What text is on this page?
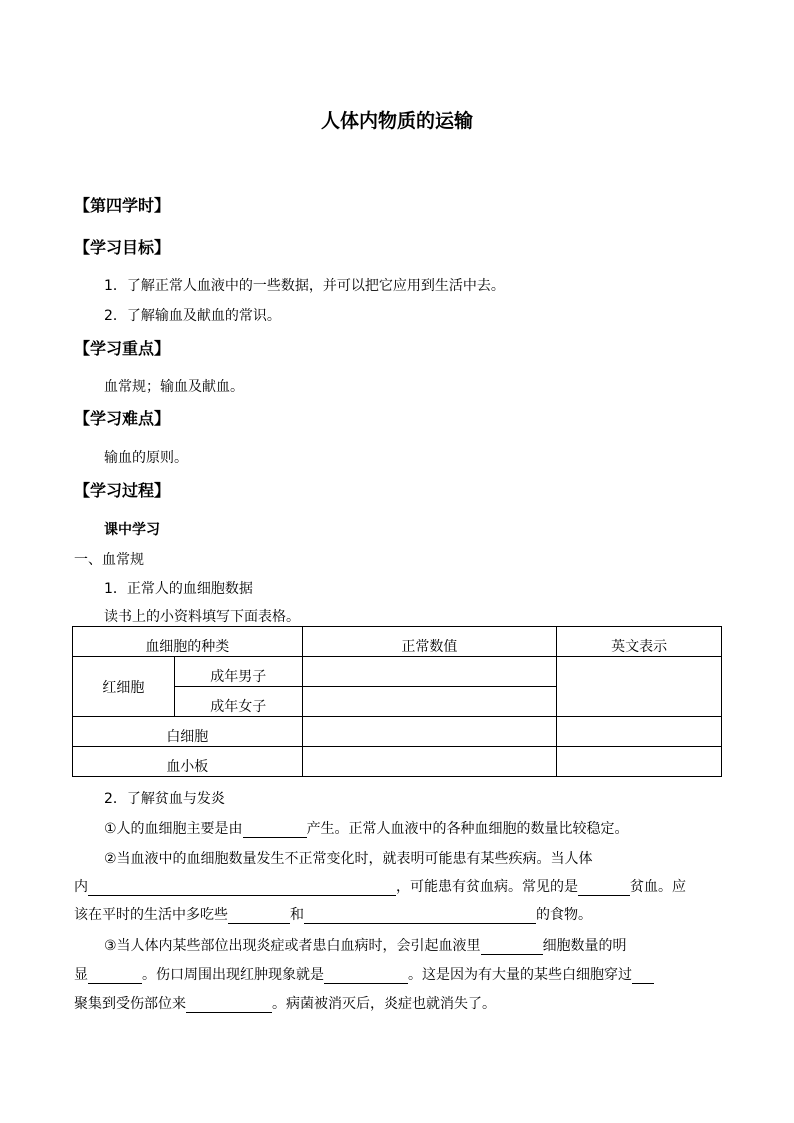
人体内物质的运输
【第四学时】
【学习目标】
1．了解正常人血液中的一些数据，并可以把它应用到生活中去。
2．了解输血及献血的常识。
【学习重点】
血常规；输血及献血。
【学习难点】
输血的原则。
【学习过程】
课中学习
一、血常规
1．正常人的血细胞数据
读书上的小资料填写下面表格。
血细胞的种类		正常数值	英文表示
红细胞	成年男子		
	成年女子		
白细胞			
血小板			
2．了解贫血与发炎
①人的血细胞主要是由	产生。正常人血液中的各种血细胞的数量比较稳定。
②当血液中的血细胞数量发生不正常变化时，就表明可能患有某些疾病。当人体
内	，可能患有贫血病。常见的是	贫血。应
该在平时的生活中多吃些	和	的食物。
③当人体内某些部位出现炎症或者患白血病时，会引起血液里	细胞数量的明
显	。伤口周围出现红肿现象就是	。这是因为有大量的某些白细胞穿过
聚集到受伤部位来	。病菌被消灭后，炎症也就消失了。
